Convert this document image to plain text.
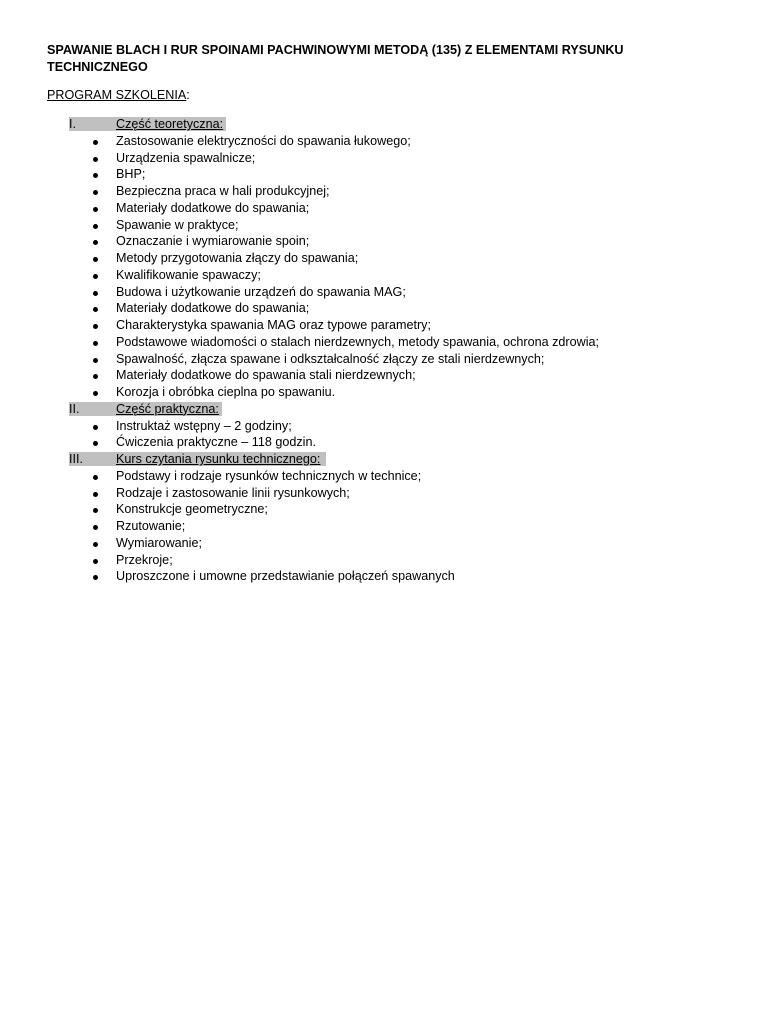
SPAWANIE BLACH I RUR SPOINAMI PACHWINOWYMI METODĄ (135) Z ELEMENTAMI RYSUNKU TECHNICZNEGO
PROGRAM SZKOLENIA:
I.	Część teoretyczna:
Zastosowanie elektryczności do spawania łukowego;
Urządzenia spawalnicze;
BHP;
Bezpieczna praca w hali produkcyjnej;
Materiały dodatkowe do spawania;
Spawanie w praktyce;
Oznaczanie i wymiarowanie spoin;
Metody przygotowania złączy do spawania;
Kwalifikowanie spawaczy;
Budowa i użytkowanie urządzeń do spawania MAG;
Materiały dodatkowe do spawania;
Charakterystyka spawania MAG oraz typowe parametry;
Podstawowe wiadomości o stalach nierdzewnych, metody spawania, ochrona zdrowia;
Spawalność, złącza spawane i odkształcalność złączy ze stali nierdzewnych;
Materiały dodatkowe do spawania stali nierdzewnych;
Korozja i obróbka cieplna po spawaniu.
II.	Część praktyczna:
Instruktaż wstępny – 2 godziny;
Ćwiczenia praktyczne – 118 godzin.
III.	Kurs czytania rysunku technicznego:
Podstawy i rodzaje rysunków technicznych w technice;
Rodzaje i zastosowanie linii rysunkowych;
Konstrukcje geometryczne;
Rzutowanie;
Wymiarowanie;
Przekroje;
Uproszczone i umowne przedstawianie połączeń spawanych
